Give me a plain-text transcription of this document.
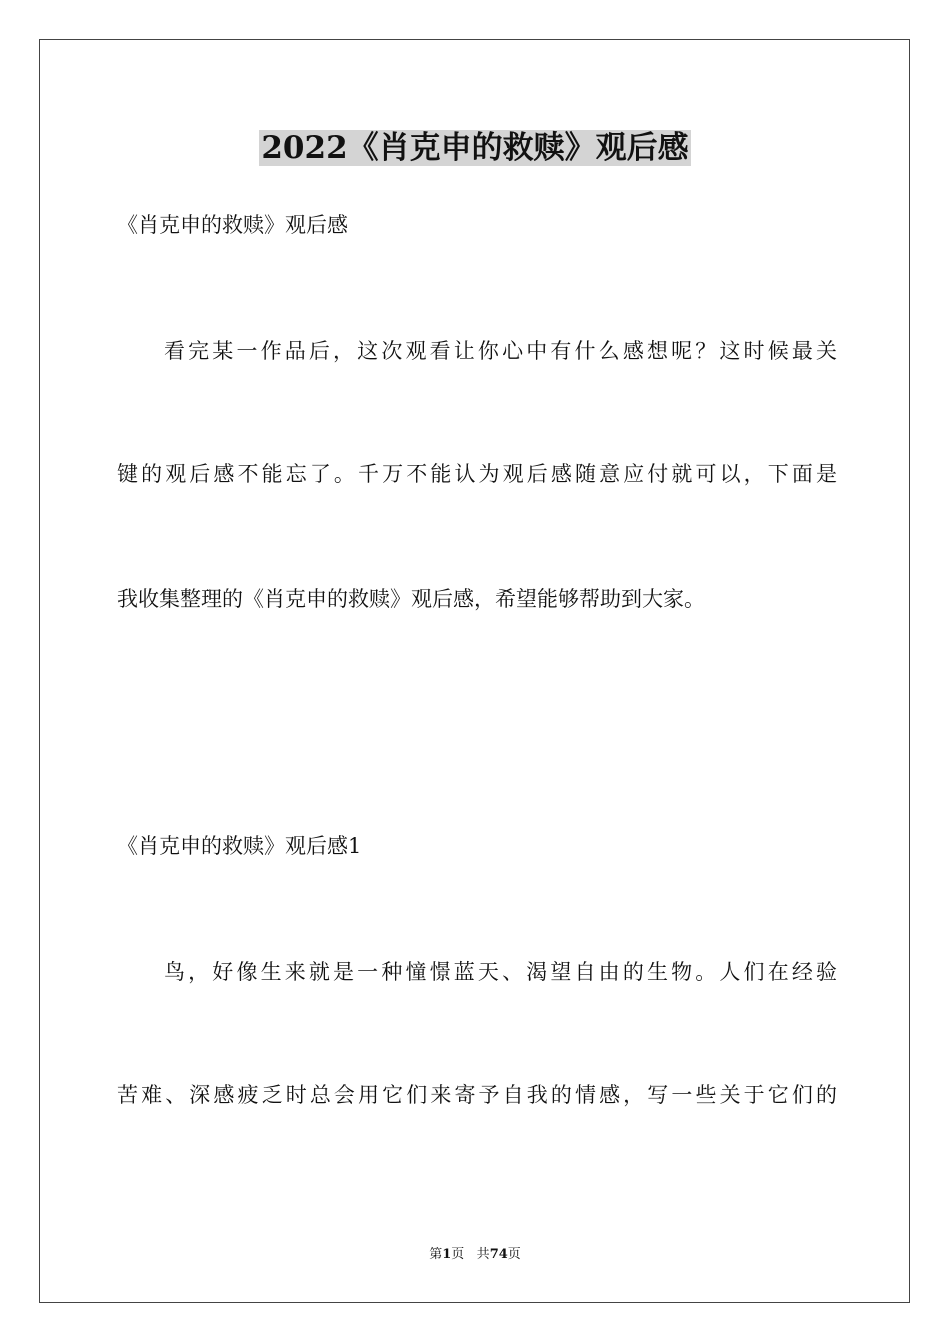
2022《肖克申的救赎》观后感

《肖克申的救赎》观后感

看完某一作品后，这次观看让你心中有什么感想呢？这时候最关

键的观后感不能忘了。千万不能认为观后感随意应付就可以，下面是

我收集整理的《肖克申的救赎》观后感，希望能够帮助到大家。

《肖克申的救赎》观后感1

鸟，好像生来就是一种憧憬蓝天、渴望自由的生物。人们在经验

苦难、深感疲乏时总会用它们来寄予自我的情感，写一些关于它们的

第1页 共74页
